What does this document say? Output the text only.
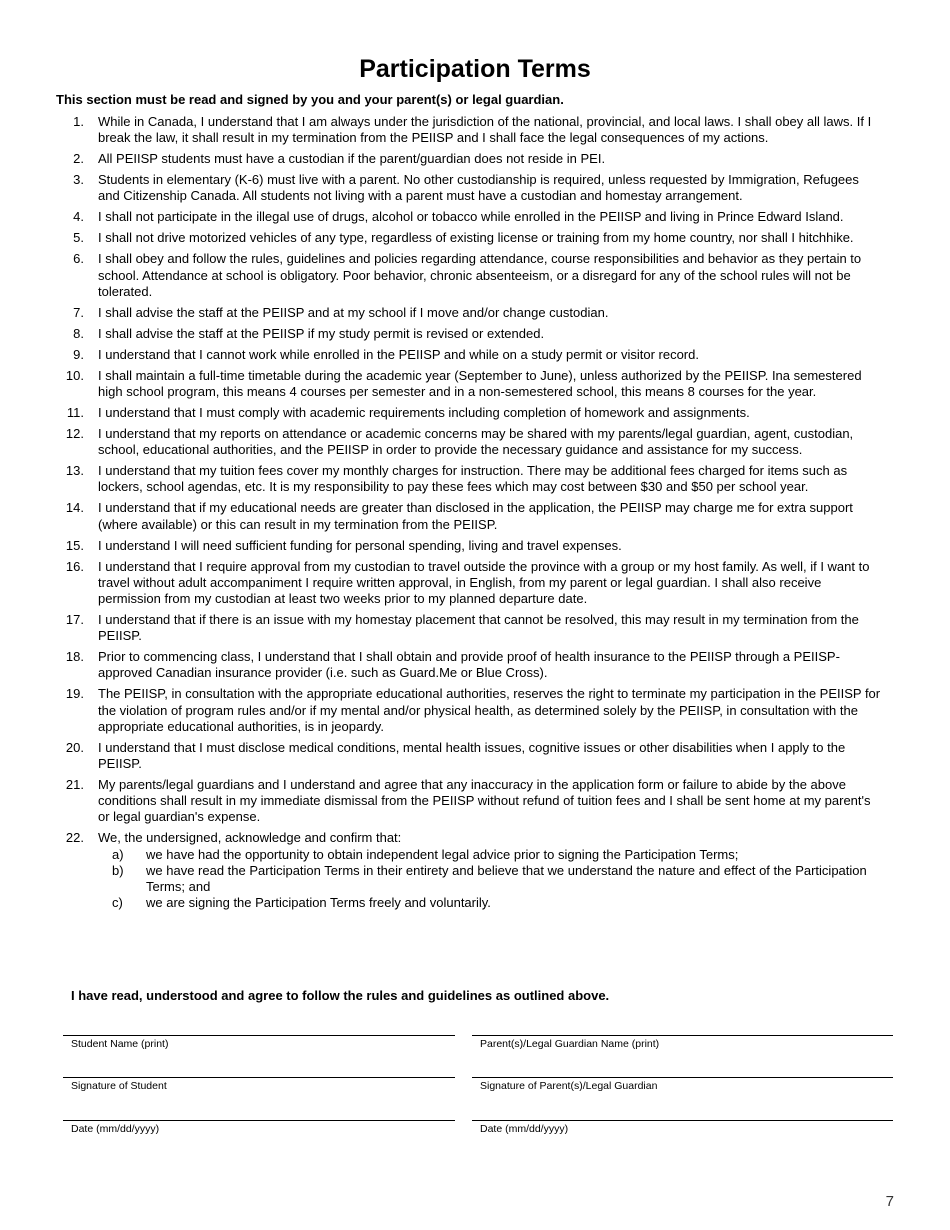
Participation Terms
This section must be read and signed by you and your parent(s) or legal guardian.
1. While in Canada, I understand that I am always under the jurisdiction of the national, provincial, and local laws. I shall obey all laws. If I break the law, it shall result in my termination from the PEIISP and I shall face the legal consequences of my actions.
2. All PEIISP students must have a custodian if the parent/guardian does not reside in PEI.
3. Students in elementary (K-6) must live with a parent. No other custodianship is required, unless requested by Immigration, Refugees and Citizenship Canada. All students not living with a parent must have a custodian and homestay arrangement.
4. I shall not participate in the illegal use of drugs, alcohol or tobacco while enrolled in the PEIISP and living in Prince Edward Island.
5. I shall not drive motorized vehicles of any type, regardless of existing license or training from my home country, nor shall I hitchhike.
6. I shall obey and follow the rules, guidelines and policies regarding attendance, course responsibilities and behavior as they pertain to school. Attendance at school is obligatory. Poor behavior, chronic absenteeism, or a disregard for any of the school rules will not be tolerated.
7. I shall advise the staff at the PEIISP and at my school if I move and/or change custodian.
8. I shall advise the staff at the PEIISP if my study permit is revised or extended.
9. I understand that I cannot work while enrolled in the PEIISP and while on a study permit or visitor record.
10. I shall maintain a full-time timetable during the academic year (September to June), unless authorized by the PEIISP. Ina semestered high school program, this means 4 courses per semester and in a non-semestered school, this means 8 courses for the year.
11. I understand that I must comply with academic requirements including completion of homework and assignments.
12. I understand that my reports on attendance or academic concerns may be shared with my parents/legal guardian, agent, custodian, school, educational authorities, and the PEIISP in order to provide the necessary guidance and assistance for my success.
13. I understand that my tuition fees cover my monthly charges for instruction. There may be additional fees charged for items such as lockers, school agendas, etc. It is my responsibility to pay these fees which may cost between $30 and $50 per school year.
14. I understand that if my educational needs are greater than disclosed in the application, the PEIISP may charge me for extra support (where available) or this can result in my termination from the PEIISP.
15. I understand I will need sufficient funding for personal spending, living and travel expenses.
16. I understand that I require approval from my custodian to travel outside the province with a group or my host family. As well, if I want to travel without adult accompaniment I require written approval, in English, from my parent or legal guardian. I shall also receive permission from my custodian at least two weeks prior to my planned departure date.
17. I understand that if there is an issue with my homestay placement that cannot be resolved, this may result in my termination from the PEIISP.
18. Prior to commencing class, I understand that I shall obtain and provide proof of health insurance to the PEIISP through a PEIISP-approved Canadian insurance provider (i.e. such as Guard.Me or Blue Cross).
19. The PEIISP, in consultation with the appropriate educational authorities, reserves the right to terminate my participation in the PEIISP for the violation of program rules and/or if my mental and/or physical health, as determined solely by the PEIISP, in consultation with the appropriate educational authorities, is in jeopardy.
20. I understand that I must disclose medical conditions, mental health issues, cognitive issues or other disabilities when I apply to the PEIISP.
21. My parents/legal guardians and I understand and agree that any inaccuracy in the application form or failure to abide by the above conditions shall result in my immediate dismissal from the PEIISP without refund of tuition fees and I shall be sent home at my parent's or legal guardian's expense.
22. We, the undersigned, acknowledge and confirm that:
a) we have had the opportunity to obtain independent legal advice prior to signing the Participation Terms;
b) we have read the Participation Terms in their entirety and believe that we understand the nature and effect of the Participation Terms; and
c) we are signing the Participation Terms freely and voluntarily.
I have read, understood and agree to follow the rules and guidelines as outlined above.
Student Name (print)	Parent(s)/Legal Guardian Name (print)
Signature of Student	Signature of Parent(s)/Legal Guardian
Date (mm/dd/yyyy)	Date (mm/dd/yyyy)
7
